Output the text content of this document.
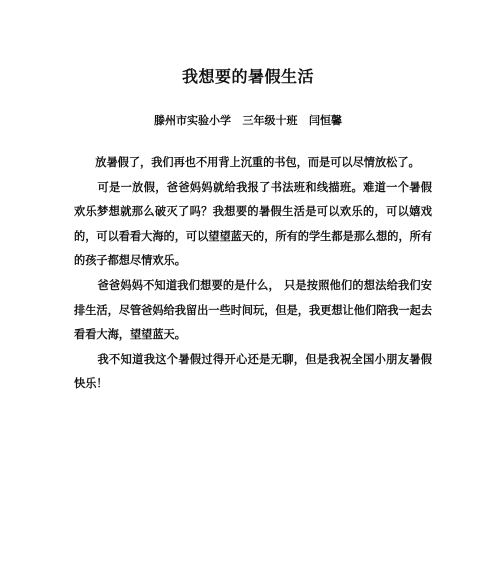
我想要的暑假生活
滕州市实验小学 三年级十班 闫恒馨

放暑假了，我们再也不用背上沉重的书包，而是可以尽情放松了。

可是一放假，爸爸妈妈就给我报了书法班和线描班。难道一个暑假欢乐梦想就那么破灭了吗？我想要的暑假生活是可以欢乐的，可以嬉戏的，可以看看大海的，可以望望蓝天的，所有的学生都是那么想的，所有的孩子都想尽情欢乐。

爸爸妈妈不知道我们想要的是什么， 只是按照他们的想法给我们安排生活，尽管爸妈给我留出一些时间玩，但是，我更想让他们陪我一起去看看大海，望望蓝天。

我不知道我这个暑假过得开心还是无聊，但是我祝全国小朋友暑假快乐！
